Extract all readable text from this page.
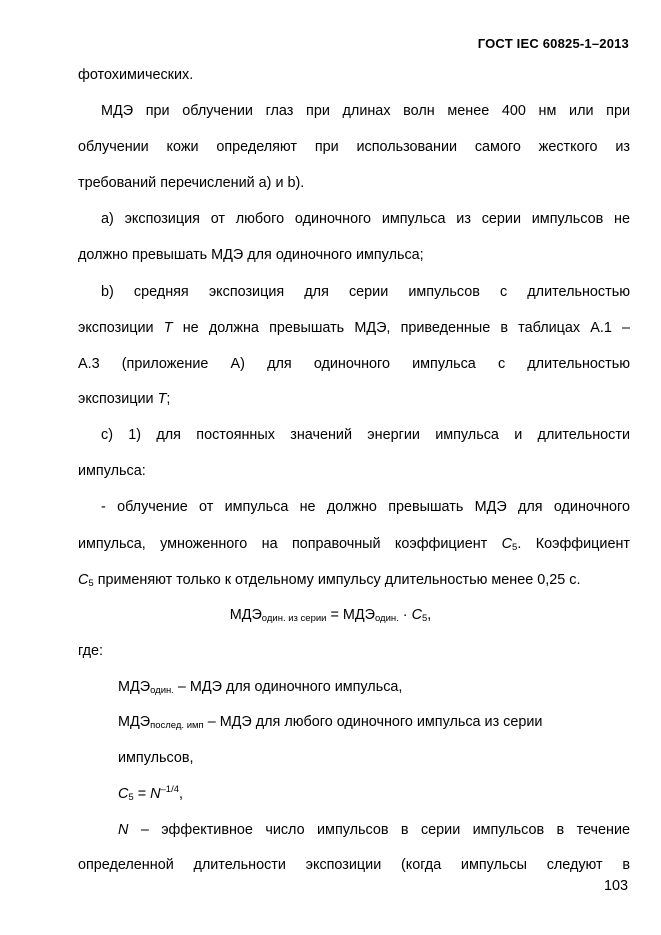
ГОСТ IEC 60825-1–2013
фотохимических.
МДЭ при облучении глаз при длинах волн менее 400 нм или при
облучении кожи определяют при использовании самого жесткого из
требований перечислений a) и b).
a) экспозиция от любого одиночного импульса из серии импульсов не
должно превышать МДЭ для одиночного импульса;
b) средняя экспозиция для серии импульсов с длительностью
экспозиции T не должна превышать МДЭ, приведенные в таблицах А.1 –
А.3 (приложение А) для одиночного импульса с длительностью
экспозиции T;
c) 1) для постоянных значений энергии импульса и длительности
импульса:
- облучение от импульса не должно превышать МДЭ для одиночного
импульса, умноженного на поправочный коэффициент $C_5$. Коэффициент
$C_5$ применяют только к отдельному импульсу длительностью менее 0,25 с.
$МДЭ_{один. из серии} = МДЭ_{один.} \cdot C_5$,
где:
$МДЭ_{один.}$ – МДЭ для одиночного импульса,
$МДЭ_{послед. имп}$ – МДЭ для любого одиночного импульса из серии
импульсов,
$C_5 = N^{-1/4}$,
N – эффективное число импульсов в серии импульсов в течение
определенной длительности экспозиции (когда импульсы следуют в
103
